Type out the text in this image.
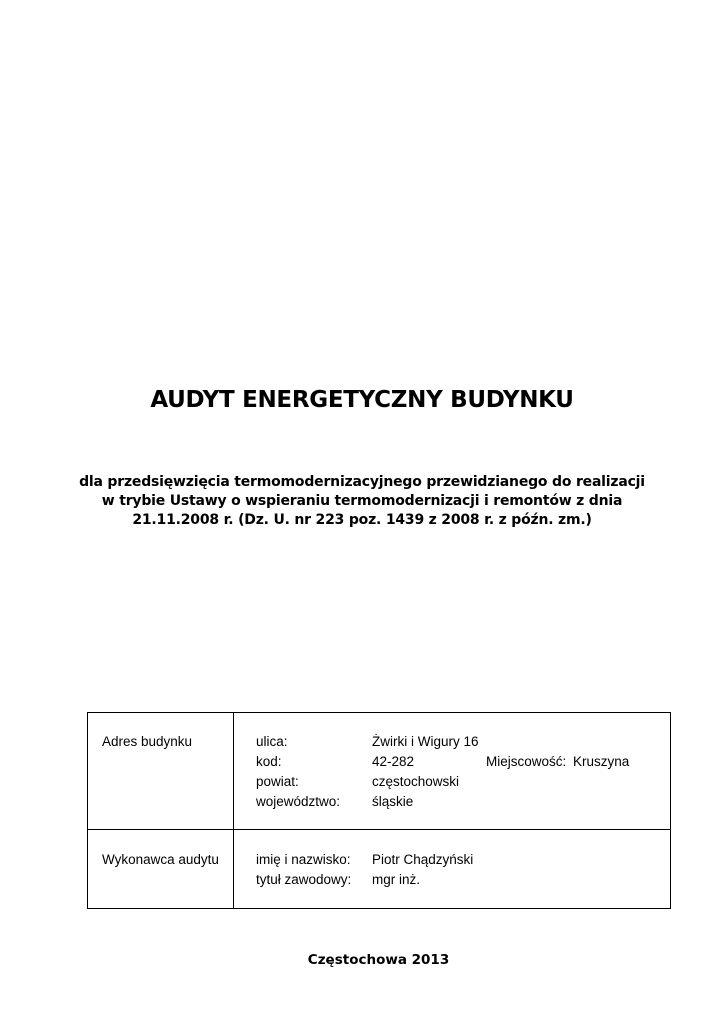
AUDYT ENERGETYCZNY BUDYNKU
dla przedsięwzięcia termomodernizacyjnego przewidzianego do realizacji
w trybie Ustawy o wspieraniu termomodernizacji i remontów z dnia
21.11.2008 r. (Dz. U. nr 223 poz. 1439 z 2008 r. z późn. zm.)
Adres budynku	ulica:	Żwirki i Wigury 16
kod:	42-282	Miejscowość: Kruszyna
powiat:	częstochowski
województwo: śląskie
Wykonawca audytu	imię i nazwisko: Piotr Chądzyński
tytuł zawodowy: mgr inż.
Częstochowa 2013
